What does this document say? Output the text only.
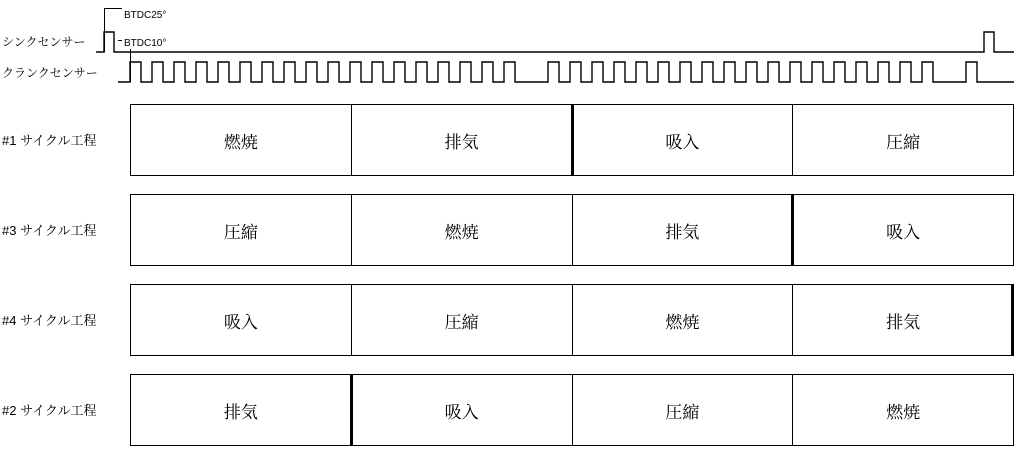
BTDC25°
BTDC10°
シンクセンサー
クランクセンサー
#1 サイクル工程	燃焼	排気	吸入	圧縮
#3 サイクル工程	圧縮	燃焼	排気	吸入
#4 サイクル工程	吸入	圧縮	燃焼	排気
#2 サイクル工程	排気	吸入	圧縮	燃焼
